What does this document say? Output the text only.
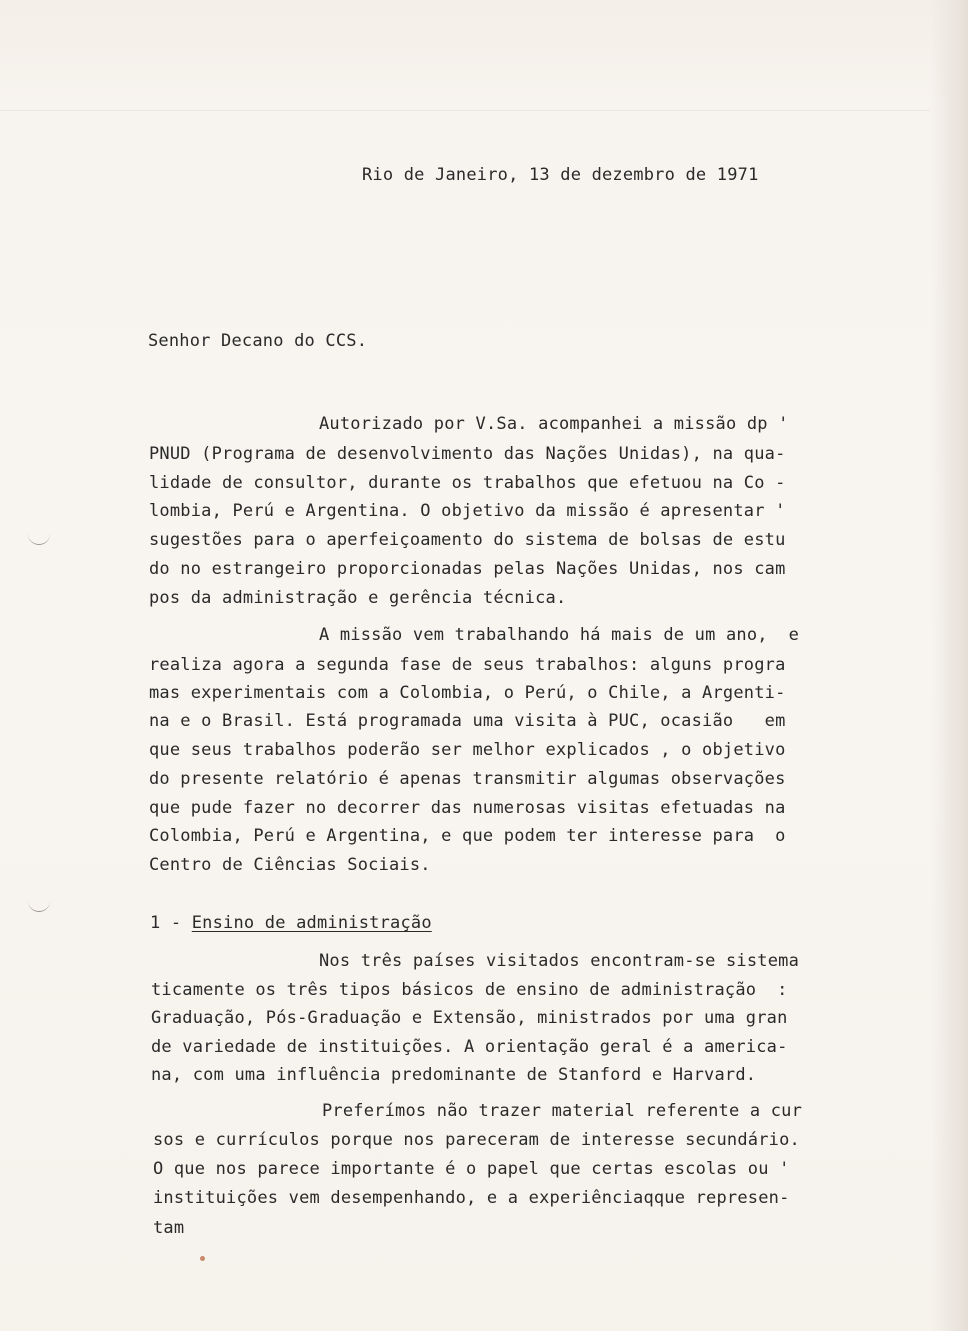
Rio de Janeiro, 13 de dezembro de 1971
Senhor Decano do CCS.
Autorizado por V.Sa. acompanhei a missão dp '
PNUD (Programa de desenvolvimento das Nações Unidas), na qua-
lidade de consultor, durante os trabalhos que efetuou na Co -
lombia, Perú e Argentina. O objetivo da missão é apresentar '
sugestões para o aperfeiçoamento do sistema de bolsas de estu
do no estrangeiro proporcionadas pelas Nações Unidas, nos cam
pos da administração e gerência técnica.
A missão vem trabalhando há mais de um ano,  e
realiza agora a segunda fase de seus trabalhos: alguns progra
mas experimentais com a Colombia, o Perú, o Chile, a Argenti-
na e o Brasil. Está programada uma visita à PUC, ocasião   em
que seus trabalhos poderão ser melhor explicados , o objetivo
do presente relatório é apenas transmitir algumas observações
que pude fazer no decorrer das numerosas visitas efetuadas na
Colombia, Perú e Argentina, e que podem ter interesse para  o
Centro de Ciências Sociais.
1 - Ensino de administração
Nos três países visitados encontram-se sistema
ticamente os três tipos básicos de ensino de administração  :
Graduação, Pós-Graduação e Extensão, ministrados por uma gran
de variedade de instituições. A orientação geral é a america-
na, com uma influência predominante de Stanford e Harvard.
Preferímos não trazer material referente a cur
sos e currículos porque nos pareceram de interesse secundário.
O que nos parece importante é o papel que certas escolas ou '
instituições vem desempenhando, e a experiênciaqque represen-
tam
